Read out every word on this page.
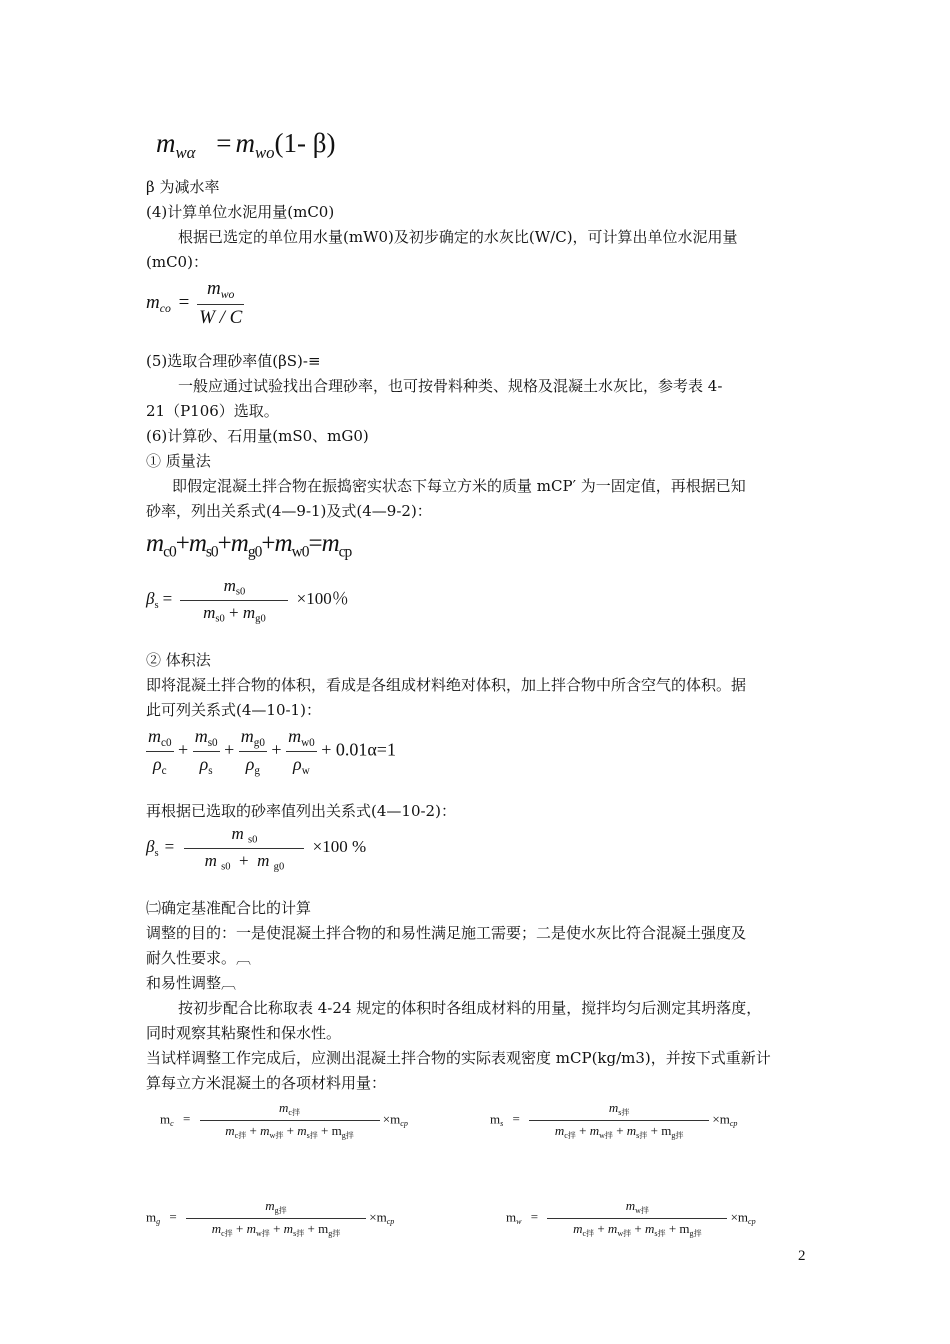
$m_{w\alpha} = m_{wo}(1-$ β)
β 为减水率
(4)计算单位水泥用量(mC0)
根据已选定的单位用水量(mW0)及初步确定的水灰比(W/C)，可计算出单位水泥用量
(mC0)：
$m_{co} = \frac{m_{wo}}{W / C}$
(5)选取合理砂率值(βS)-≡
一般应通过试验找出合理砂率，也可按骨料种类、规格及混凝土水灰比，参考表 4-
21（P106）选取。
(6)计算砂、石用量(mS0、mG0)
① 质量法
即假定混凝土拌合物在振捣密实状态下每立方米的质量 mCP′ 为一固定值，再根据已知
砂率，列出关系式(4—9-1)及式(4—9-2)：
$m_{c0}+m_{s0}+m_{g0}+m_{w0}=m_{cp}$
$\beta_s = \frac{m_{s0}}{m_{s0} + m_{g0}} \times 100$％
② 体积法
即将混凝土拌合物的体积，看成是各组成材料绝对体积，加上拌合物中所含空气的体积。据
此可列关系式(4—10-1)：
$\frac{m_{c0}}{\rho_c} + \frac{m_{s0}}{\rho_s} + \frac{m_{g0}}{\rho_g} + \frac{m_{w0}}{\rho_w} + 0.01\alpha=1$
再根据已选取的砂率值列出关系式(4—10-2)：
$\beta_s = \frac{m _{s0}}{m _{s0} + m _{g0}} \times 100$ %
㈡确定基准配合比的计算
调整的目的：一是使混凝土拌合物的和易性满足施工需要；二是使水灰比符合混凝土强度及
耐久性要求。︹
和易性调整︹
按初步配合比称取表 4-24 规定的体积时各组成材料的用量，搅拌均匀后测定其坍落度，
同时观察其粘聚性和保水性。
当试样调整工作完成后，应测出混凝土拌合物的实际表观密度 mCP(kg/m3)，并按下式重新计
算每立方米混凝土的各项材料用量：
$m_c = \frac{m_{c拌}}{m_{c拌} + m_{w拌} + m_{s拌} + m_{g拌}} \times m_{cp}$	$m_s = \frac{m_{s拌}}{m_{c拌} + m_{w拌} + m_{s拌} + m_{g拌}} \times m_{cp}$
$m_g = \frac{m_{g拌}}{m_{c拌} + m_{w拌} + m_{s拌} + m_{g拌}} \times m_{cp}$	$m_w = \frac{m_{w拌}}{m_{c拌} + m_{w拌} + m_{s拌} + m_{g拌}} \times m_{cp}$
2
